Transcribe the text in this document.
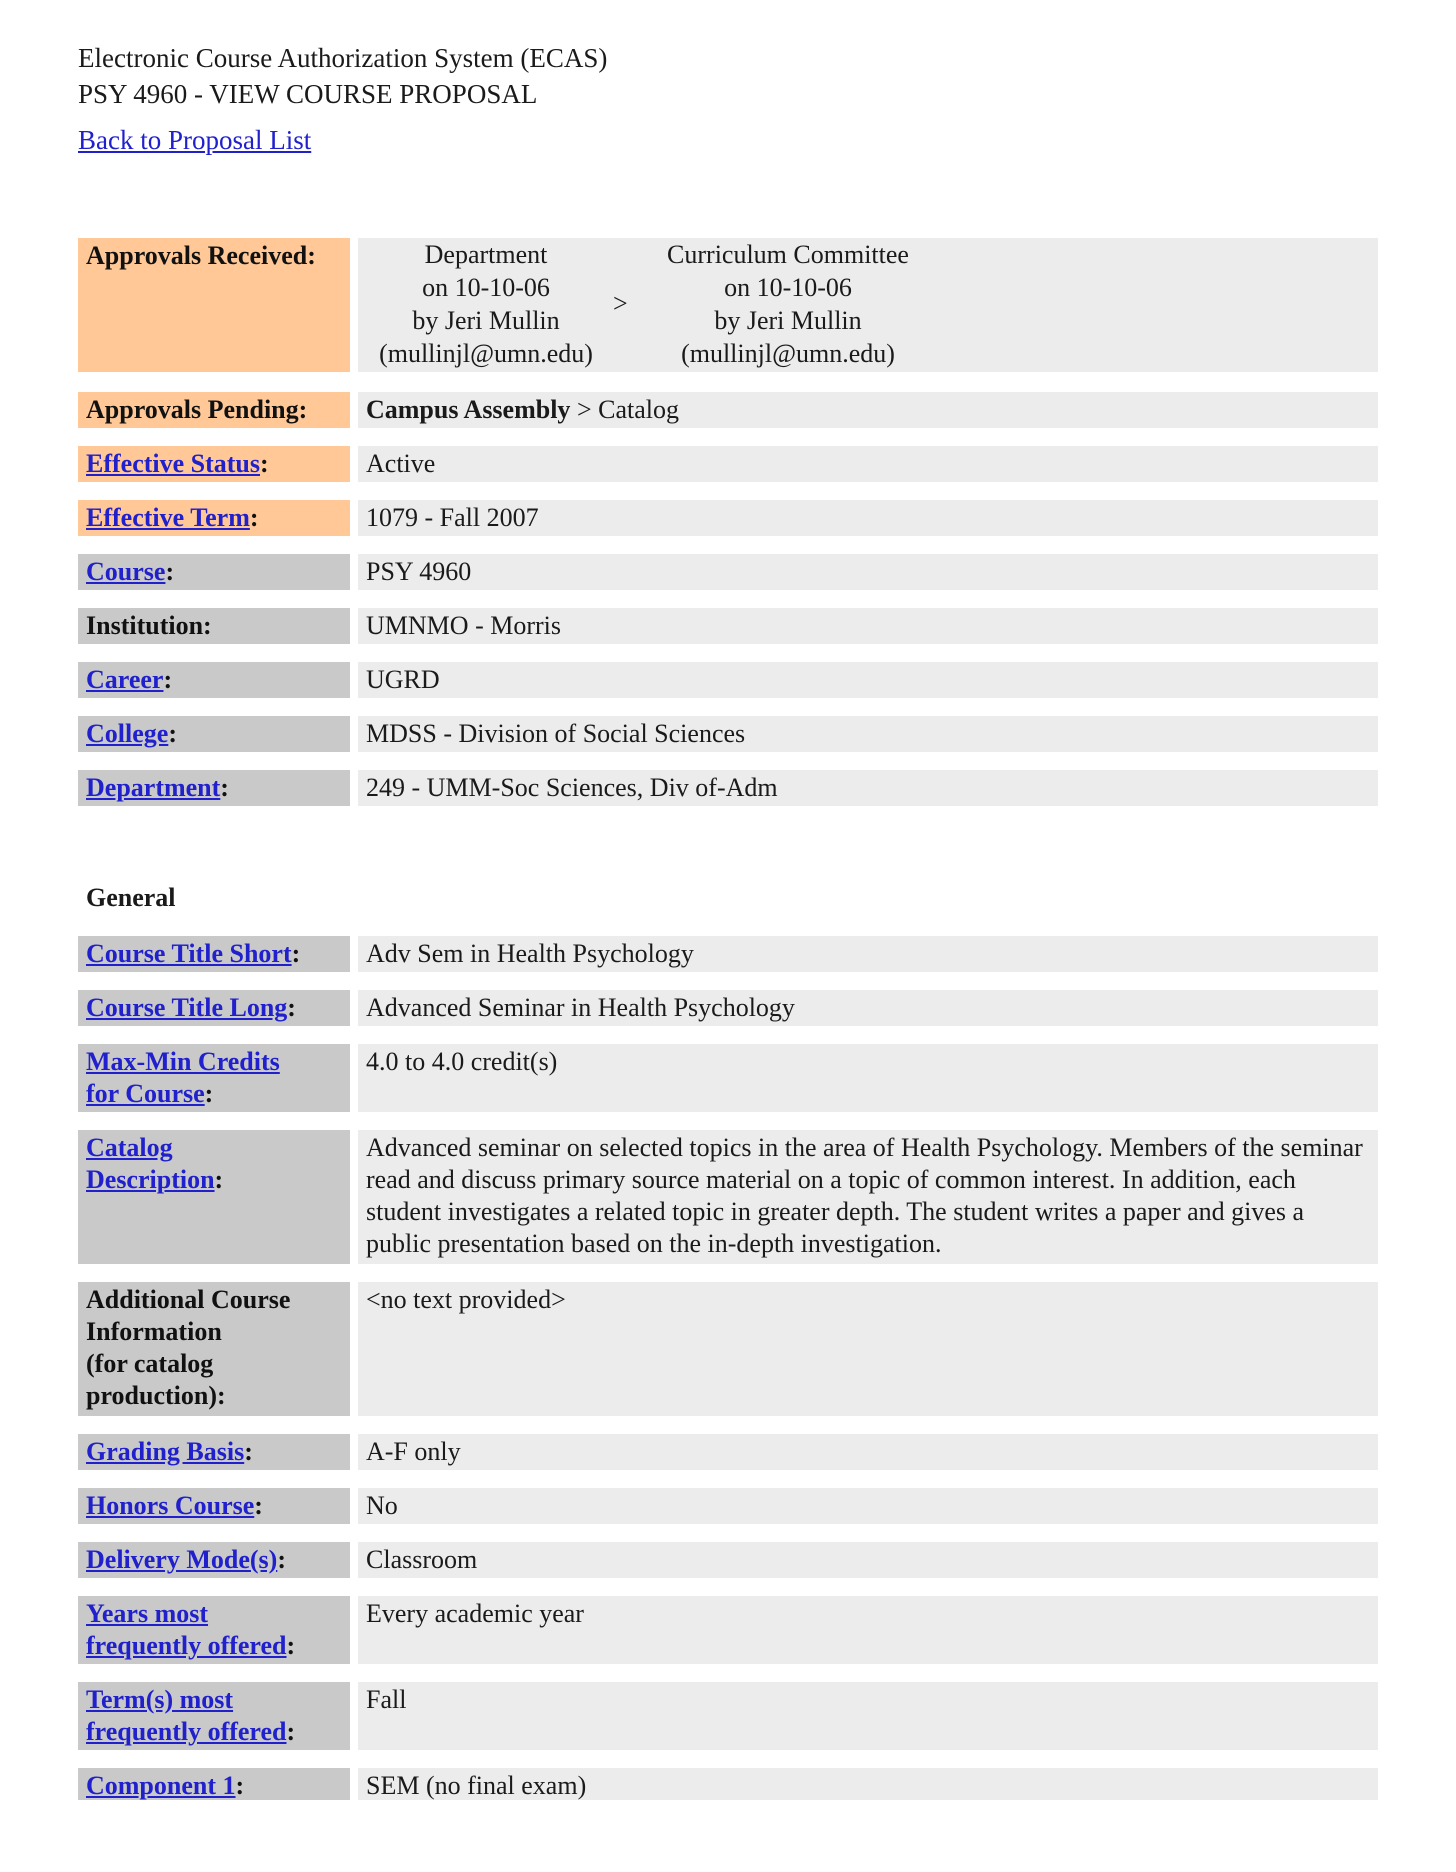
Electronic Course Authorization System (ECAS)

PSY 4960 - VIEW COURSE PROPOSAL

Back to Proposal List
Approvals Received:	Department
on 10-10-06
by Jeri Mullin
(mullinjl@umn.edu)
>
Curriculum Committee
on 10-10-06
by Jeri Mullin
(mullinjl@umn.edu)
Approvals Pending:	Campus Assembly > Catalog
Effective Status:	Active
Effective Term:	1079 - Fall 2007
Course:	PSY 4960
Institution:	UMNMO - Morris
Career:	UGRD
College:	MDSS - Division of Social Sciences
Department:	249 - UMM-Soc Sciences, Div of-Adm
General
Course Title Short:	Adv Sem in Health Psychology
Course Title Long:	Advanced Seminar in Health Psychology
Max-Min Credits
for Course:
4.0 to 4.0 credit(s)
Catalog
Description:
Advanced seminar on selected topics in the area of Health Psychology. Members of the seminar read and discuss primary source material on a topic of common interest. In addition, each student investigates a related topic in greater depth. The student writes a paper and gives a public presentation based on the in-depth investigation.
Additional Course
Information
(for catalog
production):
<no text provided>
Grading Basis:	A-F only
Honors Course:	No
Delivery Mode(s):	Classroom
Years most
frequently offered:
Every academic year
Term(s) most
frequently offered:
Fall
Component 1:	SEM (no final exam)
